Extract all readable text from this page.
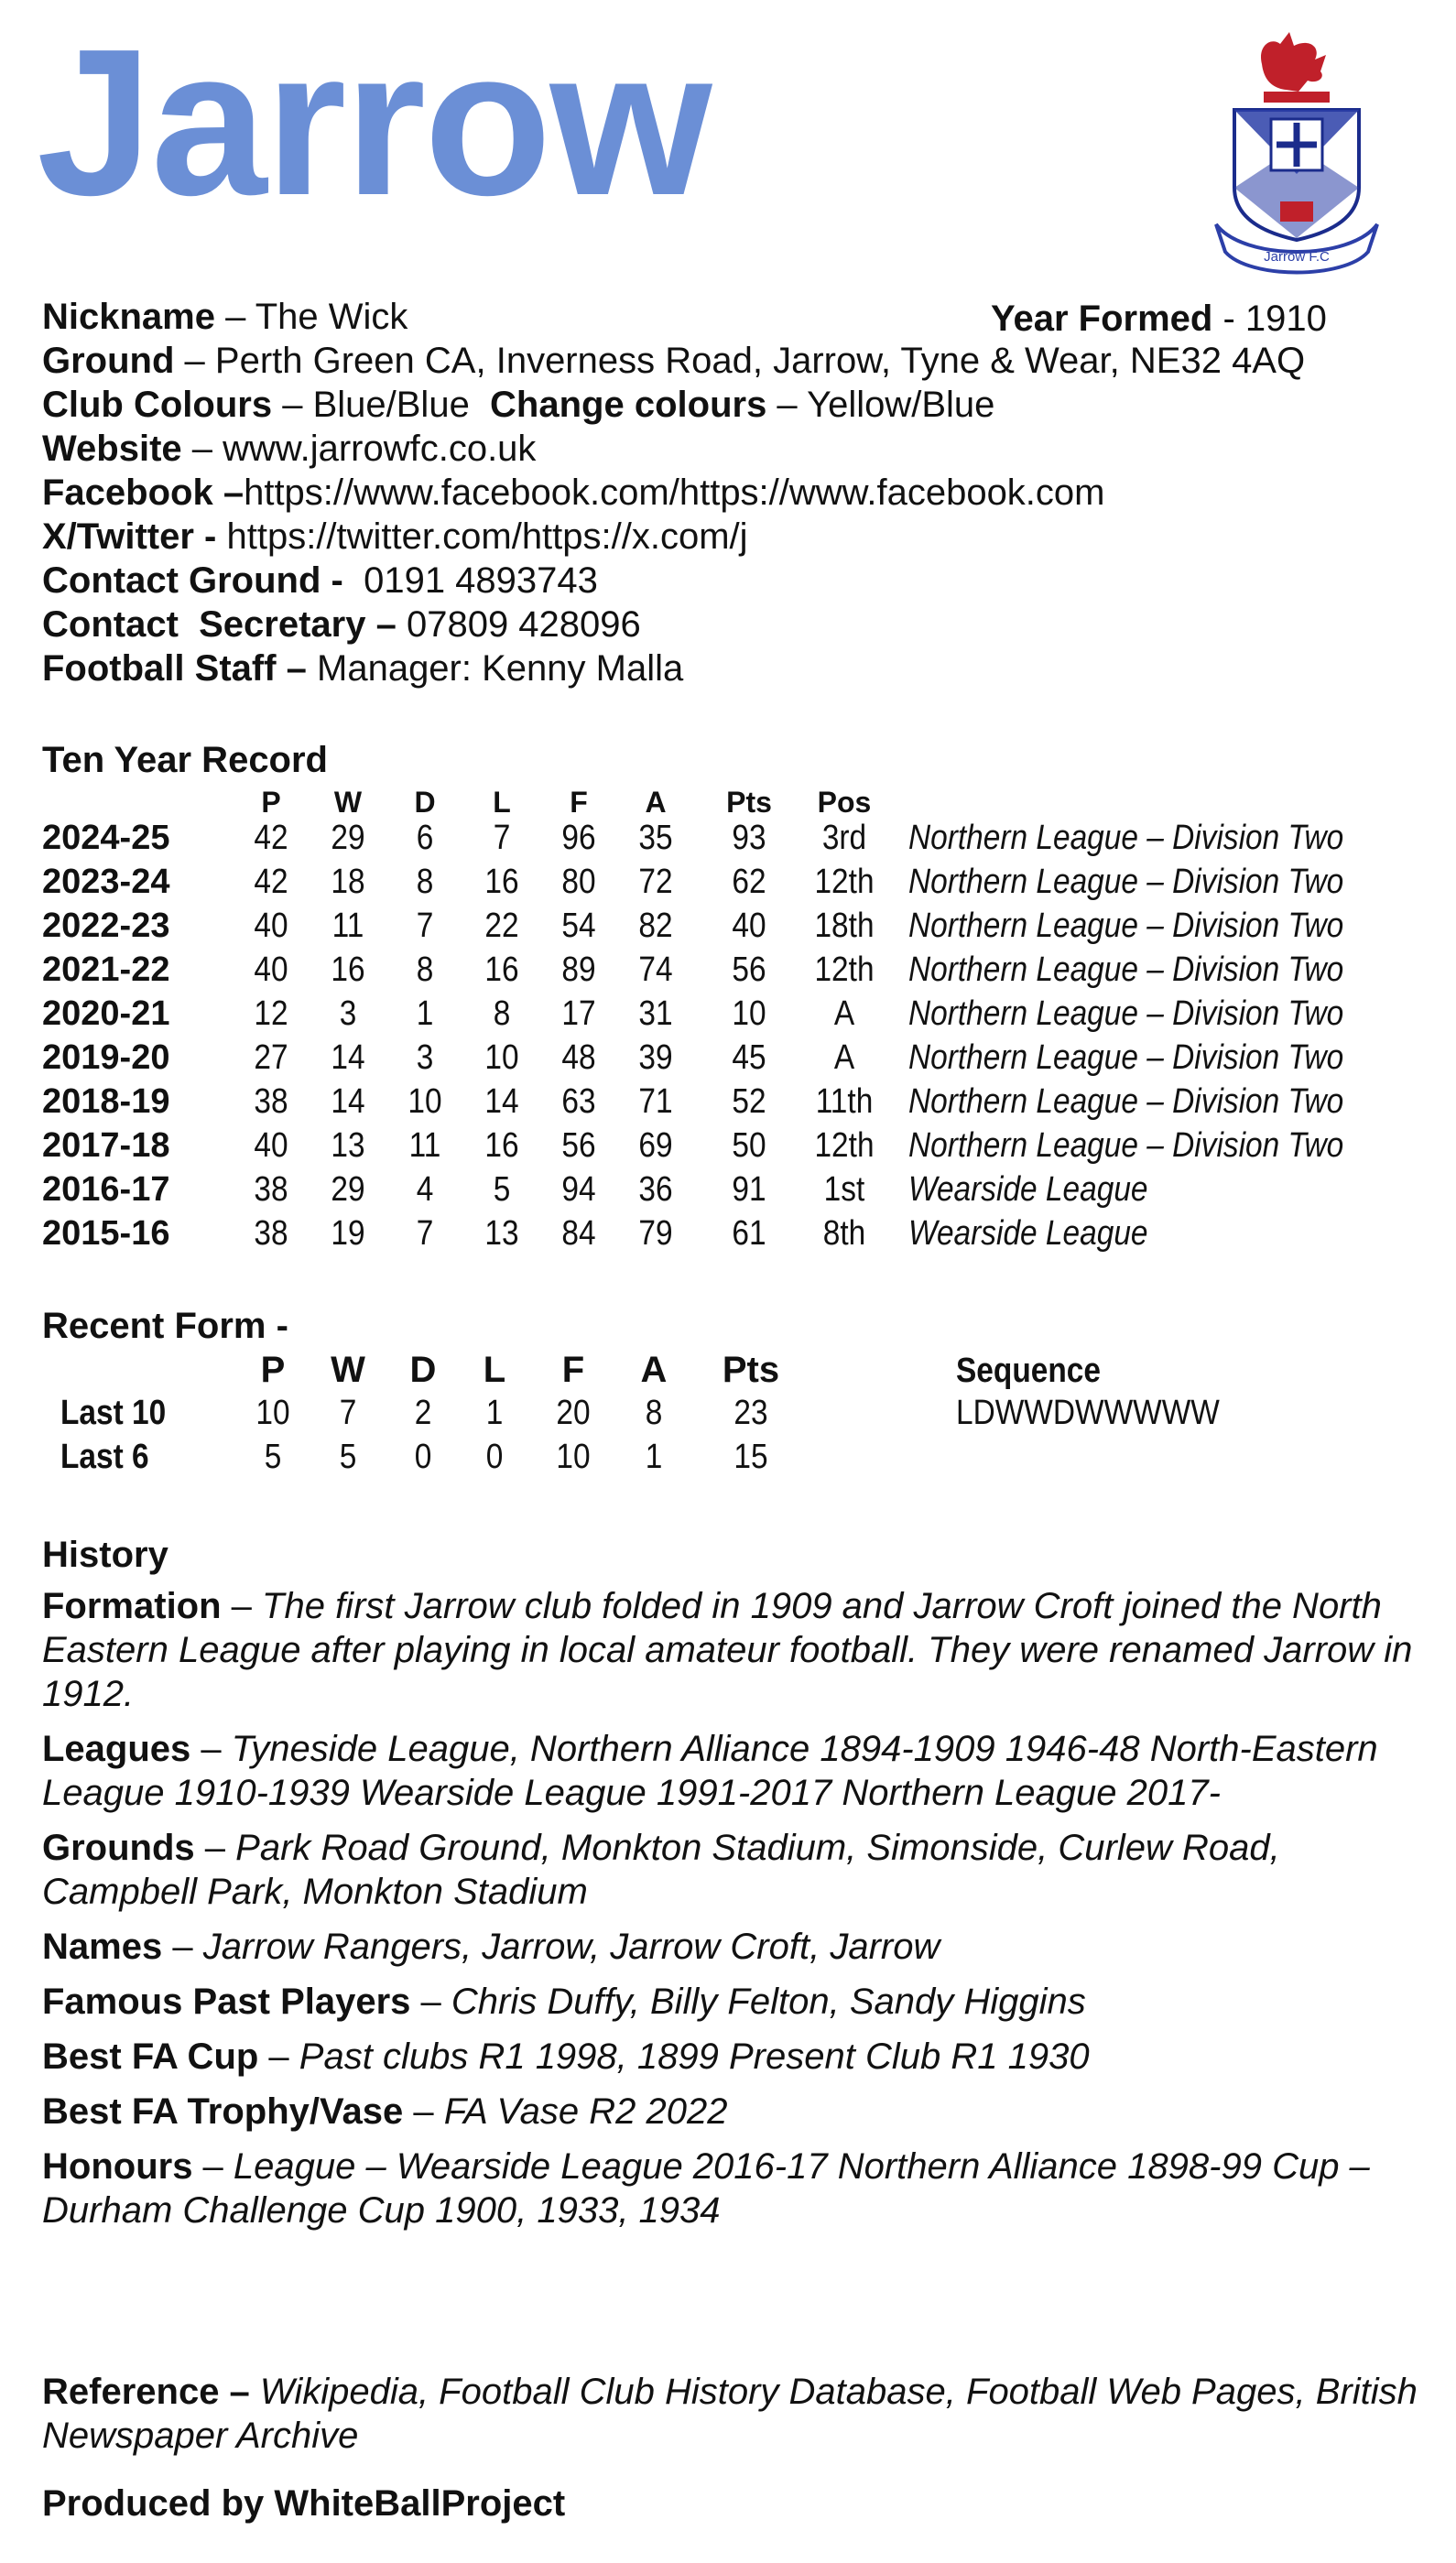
Jarrow
Jarrow F.C
Nickname – The Wick	Year Formed - 1910
Ground – Perth Green CA, Inverness Road, Jarrow, Tyne & Wear, NE32 4AQ
Club Colours – Blue/Blue Change colours – Yellow/Blue
Website – www.jarrowfc.co.uk
Facebook –https://www.facebook.com/https://www.facebook.com
X/Twitter - https://twitter.com/https://x.com/j
Contact Ground -  0191 4893743
Contact  Secretary – 07809 428096
Football Staff – Manager: Kenny Malla
Ten Year Record
P	W	D	L	F	A	Pts	Pos
2024-25	42	29	6	7	96	35	93	3rd	Northern League – Division Two
2023-24	42	18	8	16	80	72	62	12th Northern League – Division Two
2022-23	40	11	7	22	54	82	40	18th Northern League – Division Two
2021-22	40	16	8	16	89	74	56	12th Northern League – Division Two
2020-21	12	3	1	8	17	31	10	A	Northern League – Division Two
2019-20	27	14	3	10	48	39	45	A	Northern League – Division Two
2018-19	38	14	10	14	63	71	52	11th	Northern League – Division Two
2017-18	40	13	11	16	56	69	50	12th Northern League – Division Two
2016-17	38	29	4	5	94	36	91	1st	Wearside League
2015-16	38	19	7	13	84	79	61	8th	Wearside League
Recent Form -
P	W	D	L	F	A	Pts	Sequence
Last 10	10	7	2	1	20	8	23	LDWWDWWWWW
Last 6	5	5	0	0	10	1	15
History
Formation – The first Jarrow club folded in 1909 and Jarrow Croft joined the North Eastern League after playing in local amateur football. They were renamed Jarrow in 1912.
Leagues – Tyneside League, Northern Alliance 1894-1909 1946-48 North-Eastern League 1910-1939 Wearside League 1991-2017 Northern League 2017-
Grounds – Park Road Ground, Monkton Stadium, Simonside, Curlew Road, Campbell Park, Monkton Stadium
Names – Jarrow Rangers, Jarrow, Jarrow Croft, Jarrow
Famous Past Players – Chris Duffy, Billy Felton, Sandy Higgins
Best FA Cup – Past clubs R1 1998, 1899 Present Club R1 1930
Best FA Trophy/Vase – FA Vase R2 2022
Honours – League – Wearside League 2016-17 Northern Alliance 1898-99 Cup – Durham Challenge Cup 1900, 1933, 1934
Reference – Wikipedia, Football Club History Database, Football Web Pages, British Newspaper Archive
Produced by WhiteBallProject
